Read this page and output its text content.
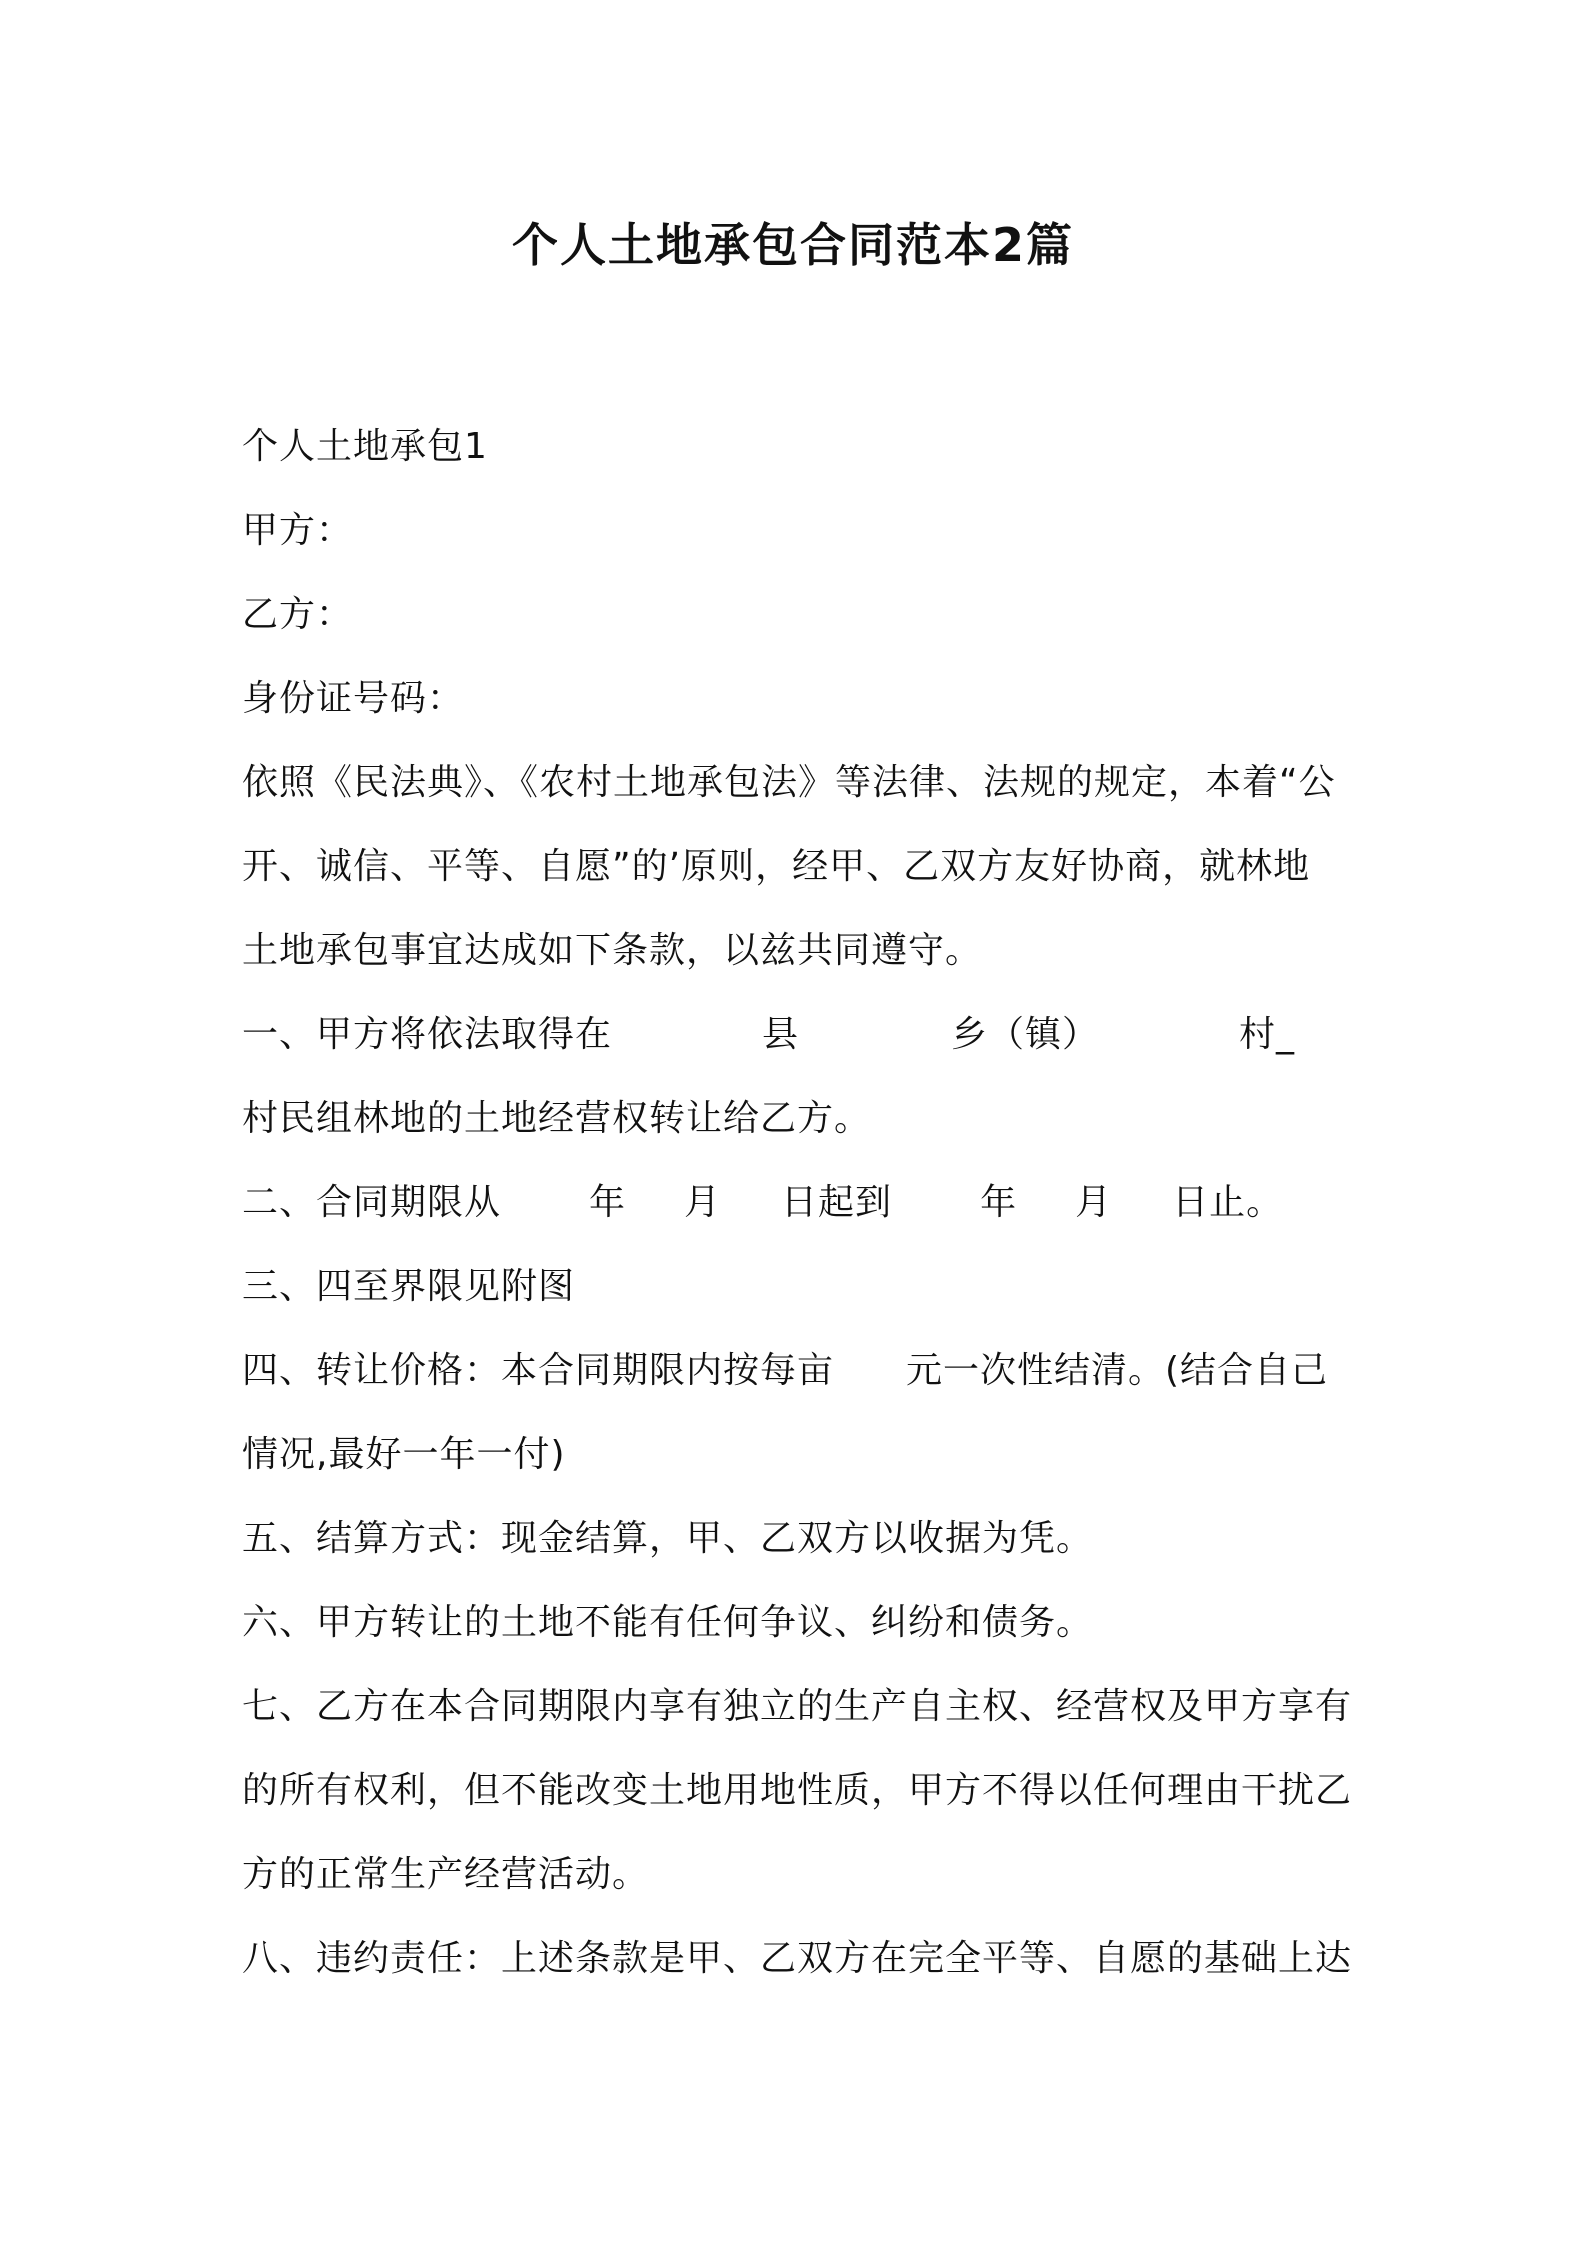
个人土地承包合同范本2篇
个人土地承包1
甲方：
乙方：
身份证号码：
依照《民法典》、《农村土地承包法》等法律、法规的规定，本着“公
开、诚信、平等、自愿”的’原则，经甲、乙双方友好协商，就林地
土地承包事宜达成如下条款，以兹共同遵守。
一、甲方将依法取得在	县	乡（镇）	村_
村民组林地的土地经营权转让给乙方。
二、合同期限从 年 月 日起到 年 月 日止。
三、四至界限见附图
四、转让价格：本合同期限内按每亩 元一次性结清。(结合自己
情况,最好一年一付)
五、结算方式：现金结算，甲、乙双方以收据为凭。
六、甲方转让的土地不能有任何争议、纠纷和债务。
七、乙方在本合同期限内享有独立的生产自主权、经营权及甲方享有
的所有权利，但不能改变土地用地性质，甲方不得以任何理由干扰乙
方的正常生产经营活动。
八、违约责任：上述条款是甲、乙双方在完全平等、自愿的基础上达
